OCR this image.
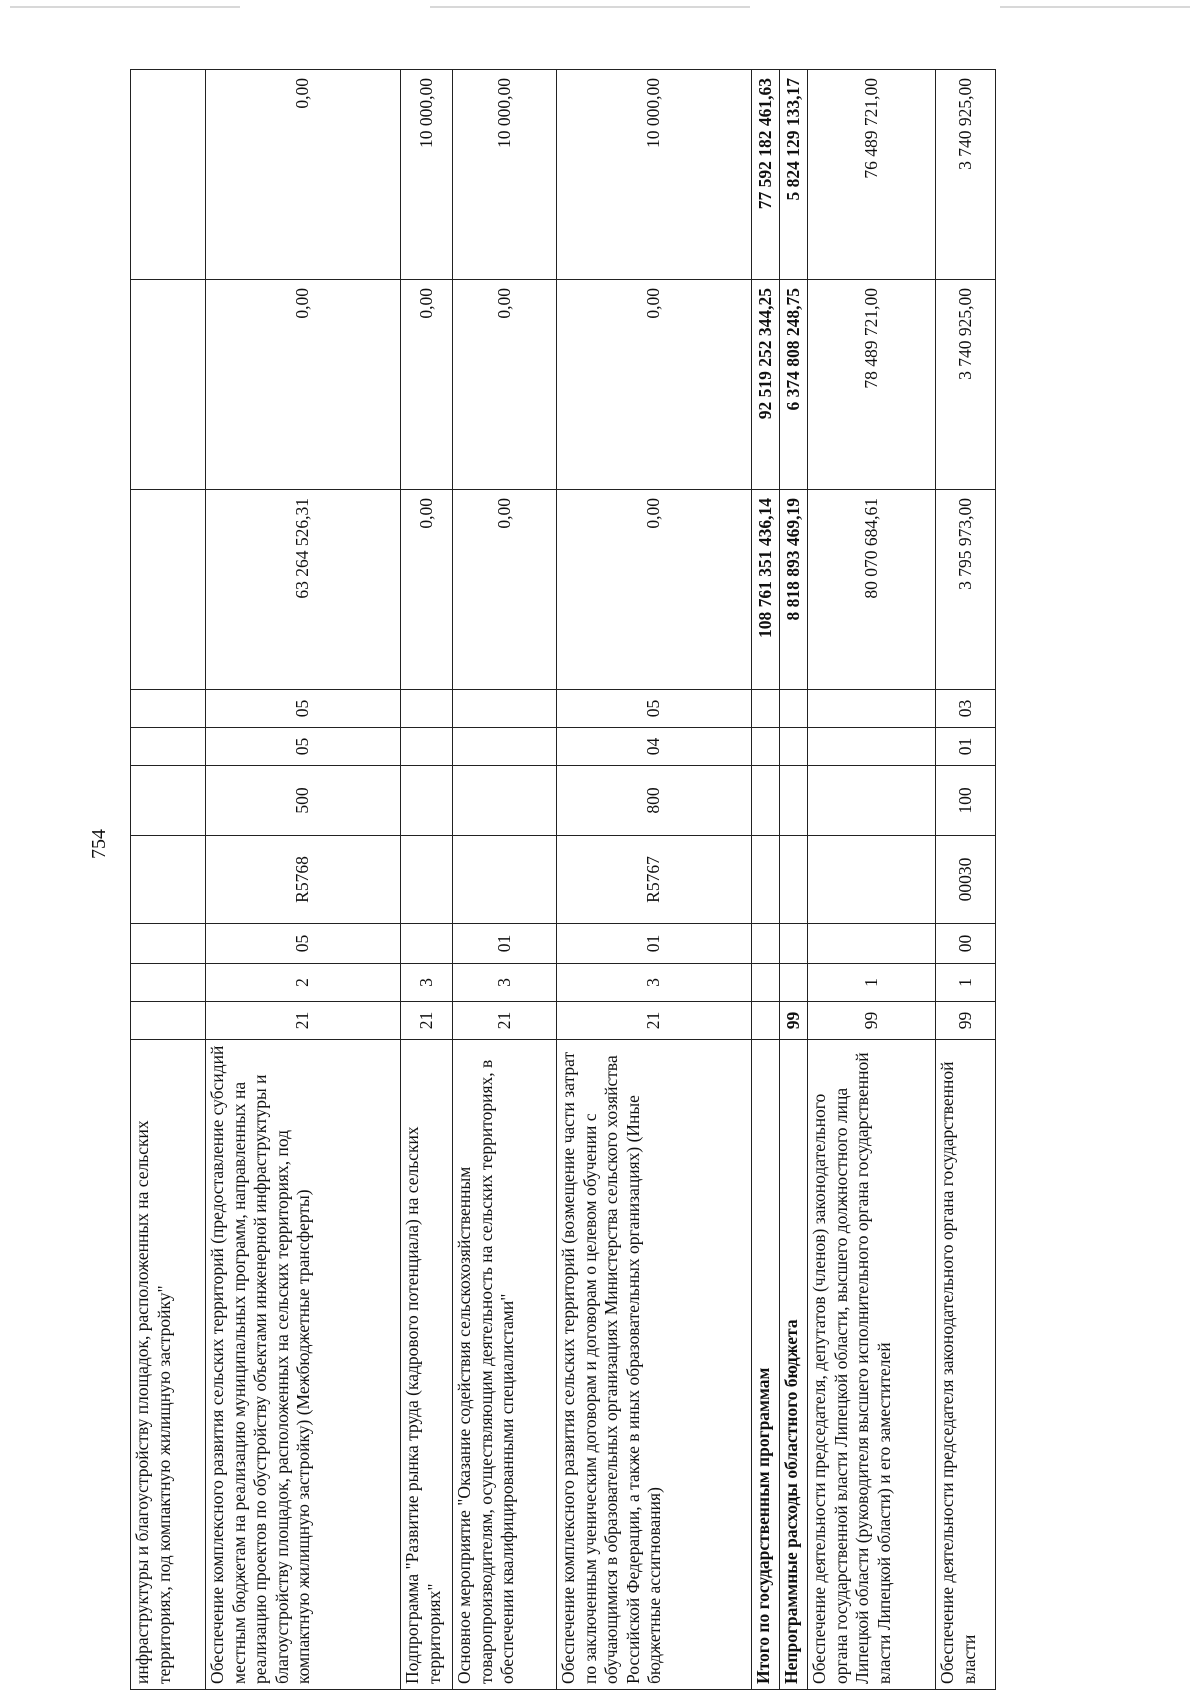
754
инфраструктуры и благоустройству площадок, расположенных на сельских территориях, под компактную жилищную застройку"										
Обеспечение комплексного развития сельских территорий (предоставление субсидий местным бюджетам на реализацию муниципальных программ, направленных на реализацию проектов по обустройству объектами инженерной инфраструктуры и благоустройству площадок, расположенных на сельских территориях, под компактную жилищную застройку) (Межбюджетные трансферты)	21	2	05	R5768	500	05	05	63 264 526,31	0,00	0,00
Подпрограмма "Развитие рынка труда (кадрового потенциала) на сельских территориях"	21	3						0,00	0,00	10 000,00
Основное мероприятие "Оказание содействия сельскохозяйственным товаропроизводителям, осуществляющим деятельность на сельских территориях, в обеспечении квалифицированными специалистами"	21	3	01					0,00	0,00	10 000,00
Обеспечение комплексного развития сельских территорий (возмещение части затрат по заключенным ученическим договорам и договорам о целевом обучении с обучающимися в образовательных организациях Министерства сельского хозяйства Российской Федерации, а также в иных образовательных организациях) (Иные бюджетные ассигнования)	21	3	01	R5767	800	04	05	0,00	0,00	10 000,00
Итого по государственным программам								108 761 351 436,14	92 519 252 344,25	77 592 182 461,63
Непрограммные расходы областного бюджета	99							8 818 893 469,19	6 374 808 248,75	5 824 129 133,17
Обеспечение деятельности председателя, депутатов (членов) законодательного органа государственной власти Липецкой области, высшего должностного лица Липецкой области (руководителя высшего исполнительного органа государственной власти Липецкой области) и его заместителей	99	1						80 070 684,61	78 489 721,00	76 489 721,00
Обеспечение деятельности председателя законодательного органа государственной власти	99	1	00	00030	100	01	03	3 795 973,00	3 740 925,00	3 740 925,00
